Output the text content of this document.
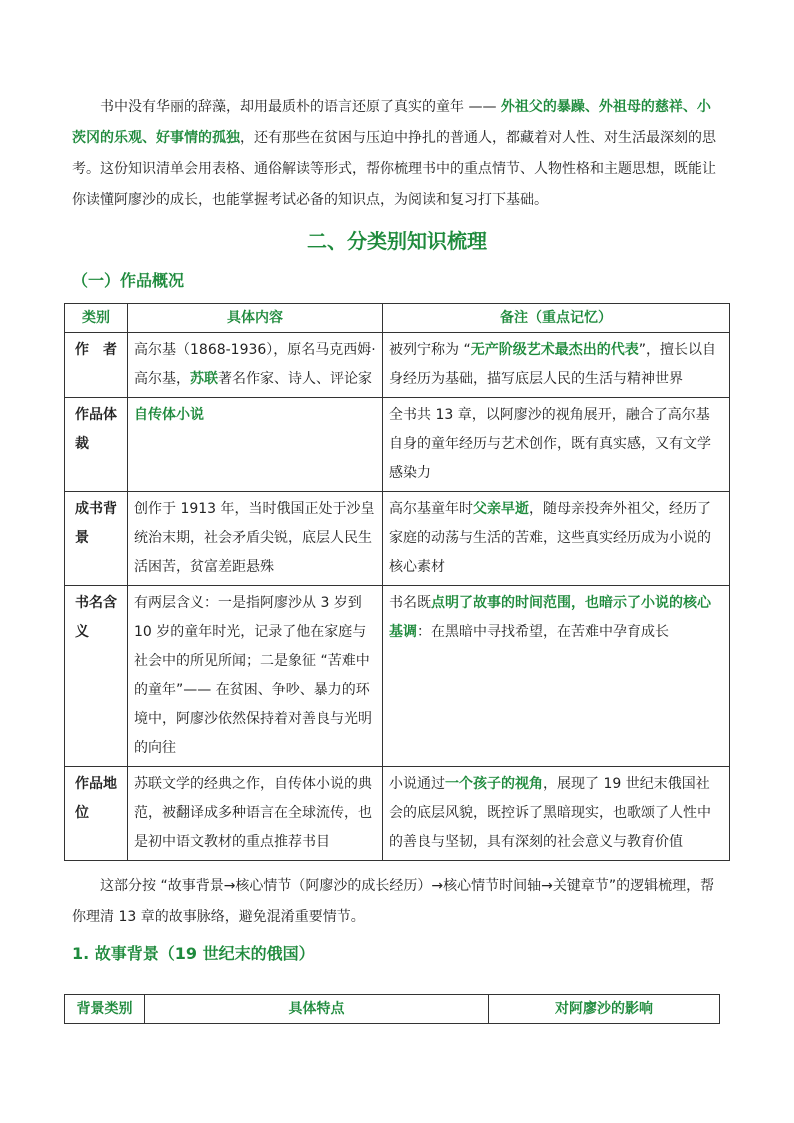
书中没有华丽的辞藻，却用最质朴的语言还原了真实的童年 —— 外祖父的暴躁、外祖母的慈祥、小茨冈的乐观、好事情的孤独，还有那些在贫困与压迫中挣扎的普通人，都藏着对人性、对生活最深刻的思考。这份知识清单会用表格、通俗解读等形式，帮你梳理书中的重点情节、人物性格和主题思想，既能让你读懂阿廖沙的成长，也能掌握考试必备的知识点，为阅读和复习打下基础。

二、分类别知识梳理
（一）作品概况
类别	具体内容	备注（重点记忆）
作者	高尔基（1868-1936），原名马克西姆·高尔基，苏联著名作家、诗人、评论家	被列宁称为 “无产阶级艺术最杰出的代表”，擅长以自身经历为基础，描写底层人民的生活与精神世界
作品体裁	自传体小说	全书共 13 章，以阿廖沙的视角展开，融合了高尔基自身的童年经历与艺术创作，既有真实感，又有文学感染力
成书背景	创作于 1913 年，当时俄国正处于沙皇统治末期，社会矛盾尖锐，底层人民生活困苦，贫富差距悬殊	高尔基童年时父亲早逝，随母亲投奔外祖父，经历了家庭的动荡与生活的苦难，这些真实经历成为小说的核心素材
书名含义	有两层含义：一是指阿廖沙从 3 岁到 10 岁的童年时光，记录了他在家庭与社会中的所见所闻；二是象征 “苦难中的童年”—— 在贫困、争吵、暴力的环境中，阿廖沙依然保持着对善良与光明的向往	书名既点明了故事的时间范围，也暗示了小说的核心基调：在黑暗中寻找希望，在苦难中孕育成长
作品地位	苏联文学的经典之作，自传体小说的典范，被翻译成多种语言在全球流传，也是初中语文教材的重点推荐书目	小说通过一个孩子的视角，展现了 19 世纪末俄国社会的底层风貌，既控诉了黑暗现实，也歌颂了人性中的善良与坚韧，具有深刻的社会意义与教育价值

这部分按 “故事背景→核心情节（阿廖沙的成长经历）→核心情节时间轴→关键章节”的逻辑梳理，帮你理清 13 章的故事脉络，避免混淆重要情节。

1. 故事背景（19 世纪末的俄国）
背景类别	具体特点	对阿廖沙的影响
